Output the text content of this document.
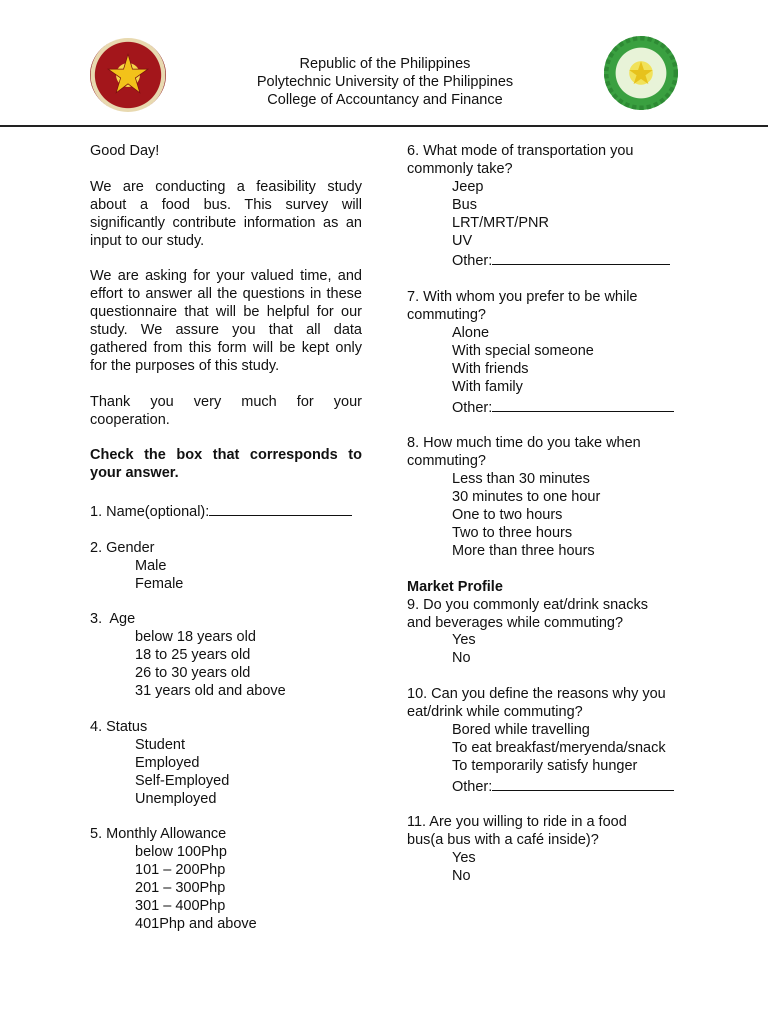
Republic of the Philippines
Polytechnic University of the Philippines
College of Accountancy and Finance
Good Day!
We are conducting a feasibility study about a food bus. This survey will significantly contribute information as an input to our study.
We are asking for your valued time, and effort to answer all the questions in these questionnaire that will be helpful for our study. We assure you that all data gathered from this form will be kept only for the purposes of this study.
Thank you very much for your cooperation.
Check the box that corresponds to your answer.
1. Name(optional):
2. Gender
Male
Female
3.  Age
below 18 years old
18 to 25 years old
26 to 30 years old
31 years old and above
4. Status
Student
Employed
Self-Employed
Unemployed
5. Monthly Allowance
below 100Php
101 – 200Php
201 – 300Php
301 – 400Php
401Php and above
6. What mode of transportation you commonly take?
Jeep
Bus
LRT/MRT/PNR
UV
Other:
7. With whom you prefer to be while commuting?
Alone
With special someone
With friends
With family
Other:
8. How much time do you take when commuting?
Less than 30 minutes
30 minutes to one hour
One to two hours
Two to three hours
More than three hours
Market Profile
9. Do you commonly eat/drink snacks and beverages while commuting?
Yes
No
10. Can you define the reasons why you eat/drink while commuting?
Bored while travelling
To eat breakfast/meryenda/snack
To temporarily satisfy hunger
Other:
11. Are you willing to ride in a food bus(a bus with a café inside)?
Yes
No
